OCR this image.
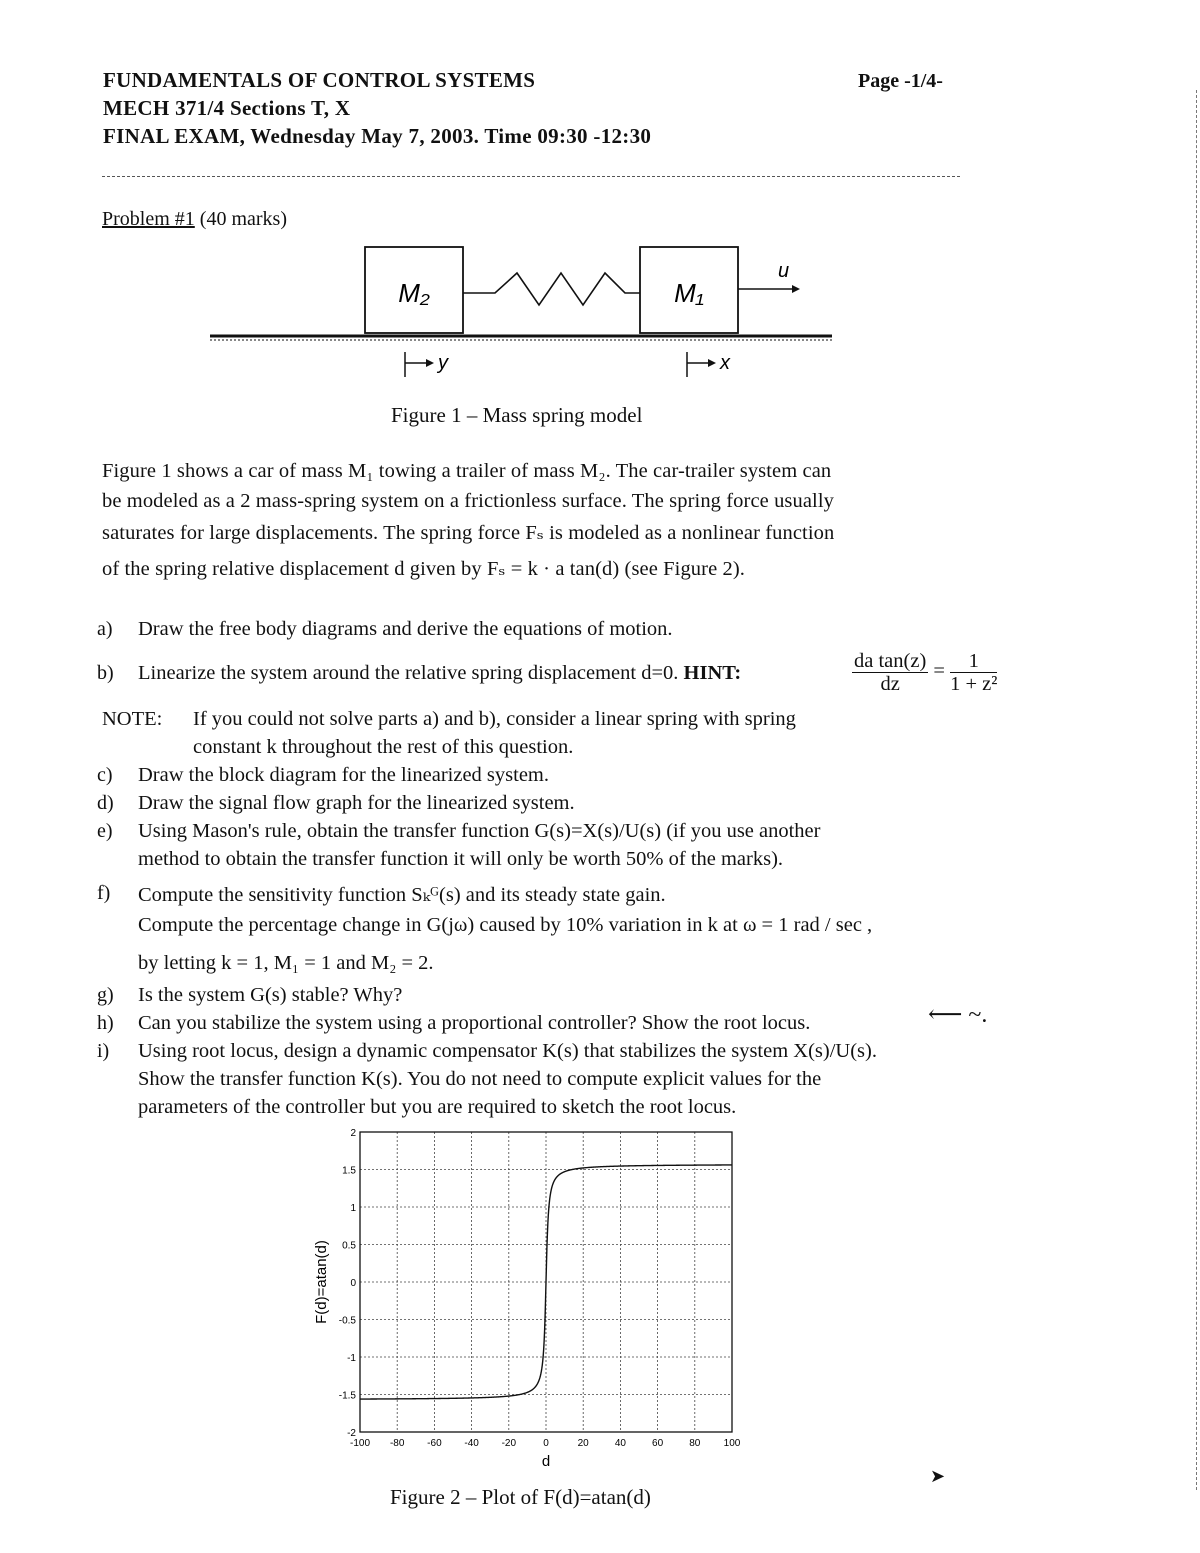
FUNDAMENTALS OF CONTROL SYSTEMS
MECH 371/4 Sections T, X
FINAL EXAM, Wednesday May 7, 2003. Time 09:30 -12:30
Page -1/4-
Problem #1 (40 marks)
u
M₂	M₁
y	x
Figure 1 – Mass spring model
Figure 1 shows a car of mass M₁ towing a trailer of mass M₂. The car-trailer system can
be modeled as a 2 mass-spring system on a frictionless surface. The spring force usually
saturates for large displacements. The spring force Fₛ is modeled as a nonlinear function
of the spring relative displacement d given by Fₛ = k · a tan(d) (see Figure 2).
a) Draw the free body diagrams and derive the equations of motion.
b) Linearize the system around the relative spring displacement d=0. HINT:	$\frac{\text{da tan(z)}}{dz} = \frac{1}{\text{1 + z²}}$
NOTE: If you could not solve parts a) and b), consider a linear spring with spring
constant k throughout the rest of this question.
c) Draw the block diagram for the linearized system.
d) Draw the signal flow graph for the linearized system.
e) Using Mason's rule, obtain the transfer function G(s)=X(s)/U(s) (if you use another
method to obtain the transfer function it will only be worth 50% of the marks).
f) Compute the sensitivity function Sₖᴳ(s) and its steady state gain.
Compute the percentage change in G(jω) caused by 10% variation in k at ω = 1 rad / sec ,
by letting k = 1, M₁ = 1 and M₂ = 2.
g) Is the system G(s) stable? Why?
h) Can you stabilize the system using a proportional controller? Show the root locus.	⟵ ~.
i) Using root locus, design a dynamic compensator K(s) that stabilizes the system X(s)/U(s).
Show the transfer function K(s). You do not need to compute explicit values for the
parameters of the controller but you are required to sketch the root locus.
-2
-1.5
-1
-0.5
0
0.5
1
1.5
2
-100 -80 -60 -40 -20	0	20	40	60	80 100
d
F(d)=atan(d)
Figure 2 – Plot of F(d)=atan(d)
➤
